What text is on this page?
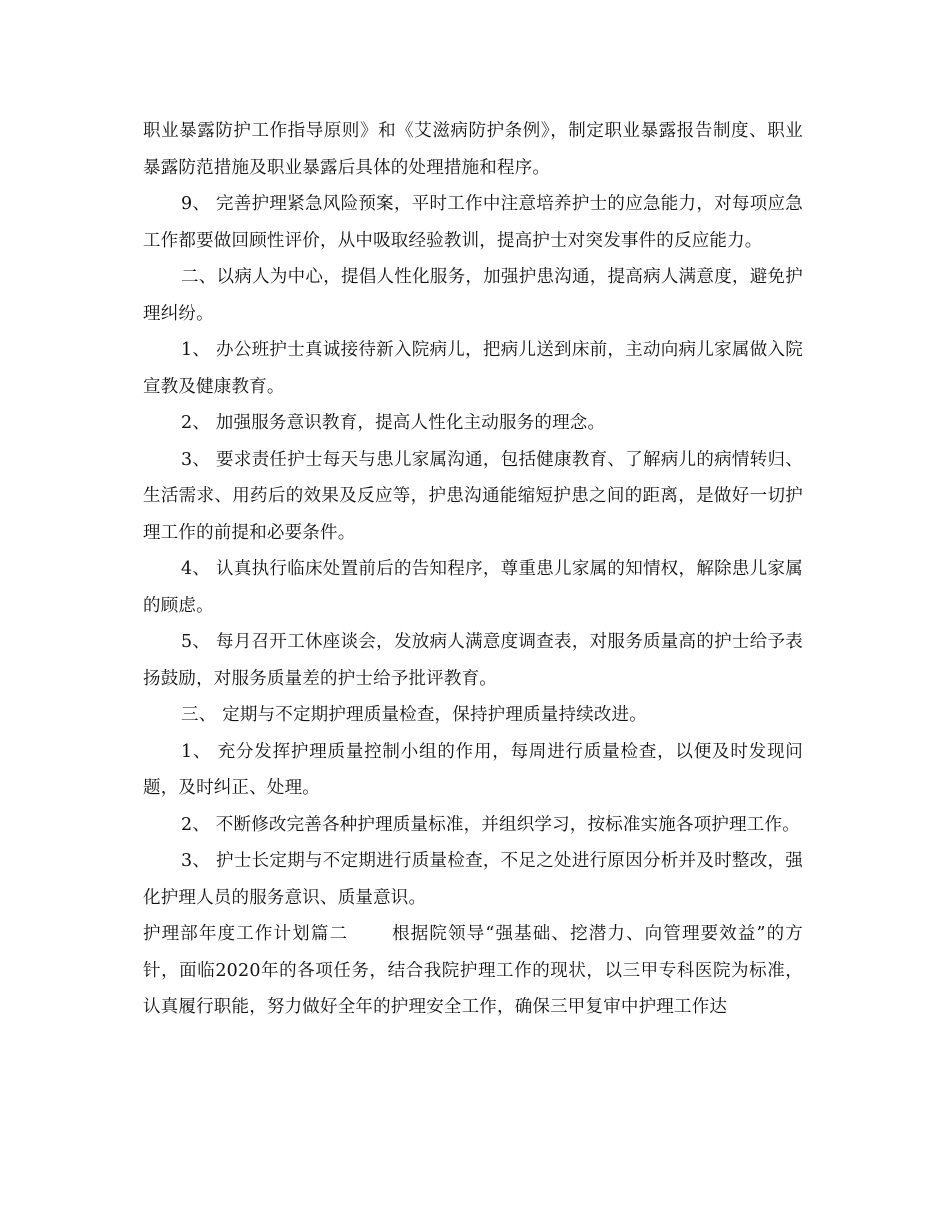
职业暴露防护工作指导原则》和《艾滋病防护条例》，制定职业暴露报告制度、职业暴露防范措施及职业暴露后具体的处理措施和程序。

9、 完善护理紧急风险预案，平时工作中注意培养护士的应急能力，对每项应急工作都要做回顾性评价，从中吸取经验教训，提高护士对突发事件的反应能力。

二、以病人为中心，提倡人性化服务，加强护患沟通，提高病人满意度，避免护理纠纷。

1、 办公班护士真诚接待新入院病儿，把病儿送到床前，主动向病儿家属做入院宣教及健康教育。

2、 加强服务意识教育，提高人性化主动服务的理念。

3、 要求责任护士每天与患儿家属沟通，包括健康教育、了解病儿的病情转归、生活需求、用药后的效果及反应等，护患沟通能缩短护患之间的距离，是做好一切护理工作的前提和必要条件。

4、 认真执行临床处置前后的告知程序，尊重患儿家属的知情权，解除患儿家属的顾虑。

5、 每月召开工休座谈会，发放病人满意度调查表，对服务质量高的护士给予表扬鼓励，对服务质量差的护士给予批评教育。

三、 定期与不定期护理质量检查，保持护理质量持续改进。

1、 充分发挥护理质量控制小组的作用，每周进行质量检查，以便及时发现问题，及时纠正、处理。

2、 不断修改完善各种护理质量标准，并组织学习，按标准实施各项护理工作。

3、 护士长定期与不定期进行质量检查，不足之处进行原因分析并及时整改，强化护理人员的服务意识、质量意识。

护理部年度工作计划篇二 　　根据院领导“强基础、挖潜力、向管理要效益”的方针，面临2020年的各项任务，结合我院护理工作的现状，以三甲专科医院为标准，认真履行职能，努力做好全年的护理安全工作，确保三甲复审中护理工作达
